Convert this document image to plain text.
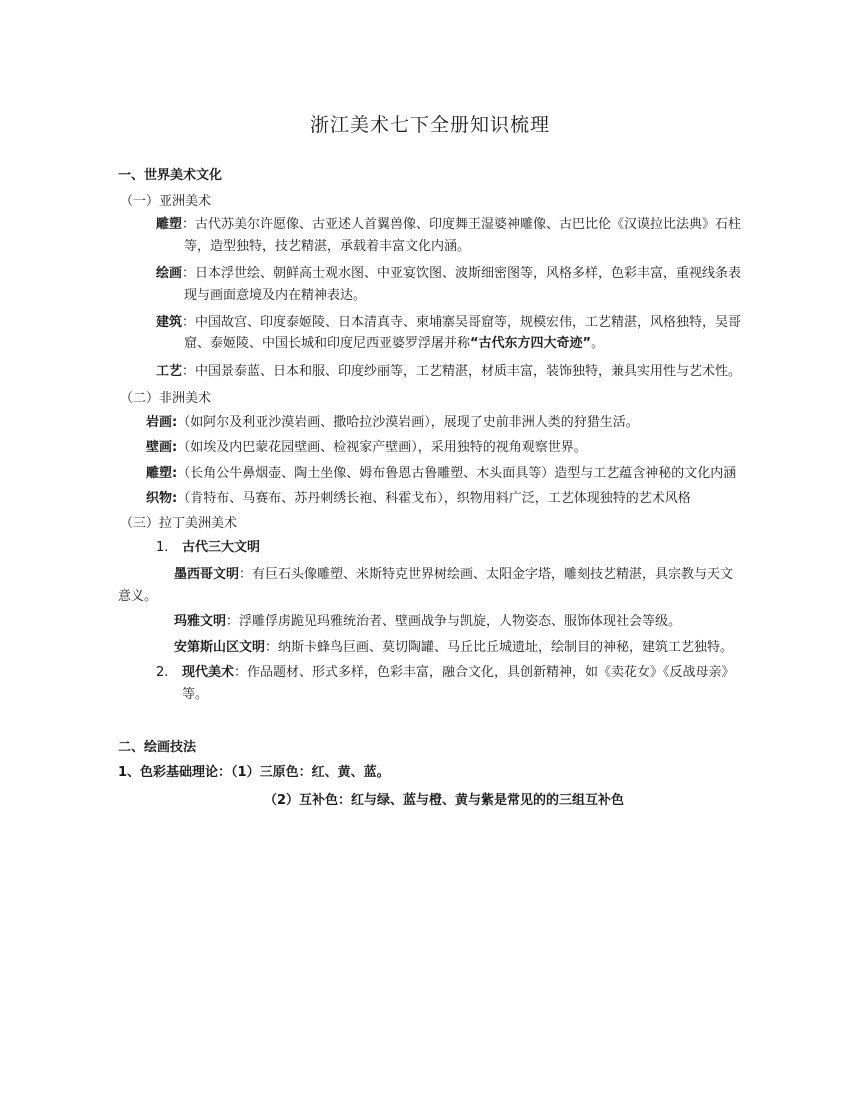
浙江美术七下全册知识梳理
一、世界美术文化
（一）亚洲美术
雕塑：古代苏美尔许愿像、古亚述人首翼兽像、印度舞王湿婆神雕像、古巴比伦《汉谟拉比法典》石柱等，造型独特，技艺精湛，承载着丰富文化内涵。
绘画：日本浮世绘、朝鲜高士观水图、中亚宴饮图、波斯细密图等，风格多样，色彩丰富，重视线条表现与画面意境及内在精神表达。
建筑：中国故宫、印度泰姬陵、日本清真寺、柬埔寨吴哥窟等，规模宏伟，工艺精湛，风格独特，吴哥窟、泰姬陵、中国长城和印度尼西亚婆罗浮屠并称“古代东方四大奇迹”。
工艺：中国景泰蓝、日本和服、印度纱丽等，工艺精湛，材质丰富，装饰独特，兼具实用性与艺术性。
（二）非洲美术
岩画:（如阿尔及利亚沙漠岩画、撒哈拉沙漠岩画），展现了史前非洲人类的狩猎生活。
壁画:（如埃及内巴蒙花园壁画、检视家产壁画），采用独特的视角观察世界。
雕塑:（长角公牛鼻烟壶、陶土坐像、姆布鲁恩古鲁雕塑、木头面具等）造型与工艺蕴含神秘的文化内涵
织物:（肯特布、马赛布、苏丹刺绣长袍、科霍戈布），织物用料广泛，工艺体现独特的艺术风格
（三）拉丁美洲美术
1. 古代三大文明
墨西哥文明：有巨石头像雕塑、米斯特克世界树绘画、太阳金字塔，雕刻技艺精湛，具宗教与天文意义。
玛雅文明：浮雕俘虏跪见玛雅统治者、壁画战争与凯旋，人物姿态、服饰体现社会等级。
安第斯山区文明：纳斯卡蜂鸟巨画、莫切陶罐、马丘比丘城遗址，绘制目的神秘，建筑工艺独特。
2. 现代美术：作品题材、形式多样，色彩丰富，融合文化，具创新精神，如《卖花女》《反战母亲》等。
二、绘画技法
1、色彩基础理论：（1）三原色：红、黄、蓝。
（2）互补色：红与绿、蓝与橙、黄与紫是常见的的三组互补色
